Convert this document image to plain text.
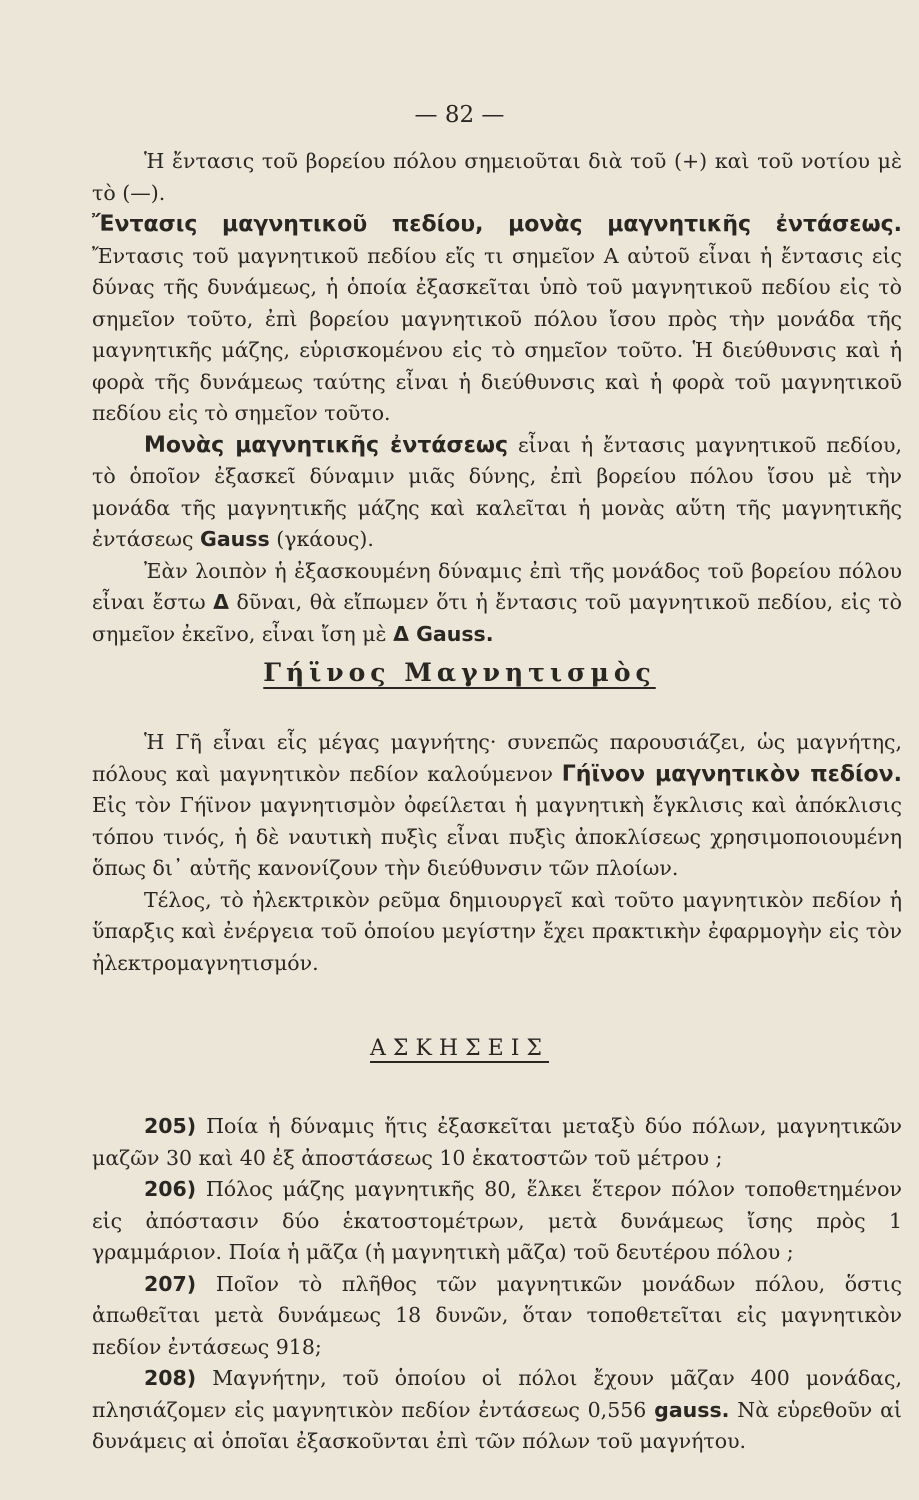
— 82 —

Ἡ ἔντασις τοῦ βορείου πόλου σημειοῦται διὰ τοῦ (+) καὶ τοῦ νοτίου μὲ τὸ (—).

Ἔντασις μαγνητικοῦ πεδίου, μονὰς μαγνητικῆς ἐντάσεως. Ἔντασις τοῦ μαγνητικοῦ πεδίου εἴς τι σημεῖον Α αὐτοῦ εἶναι ἡ ἔντασις εἰς δύνας τῆς δυνάμεως, ἡ ὁποία ἐξασκεῖται ὑπὸ τοῦ μαγνητικοῦ πεδίου εἰς τὸ σημεῖον τοῦτο, ἐπὶ βορείου μαγνητικοῦ πόλου ἴσου πρὸς τὴν μονάδα τῆς μαγνητικῆς μάζης, εὑρισκομένου εἰς τὸ σημεῖον τοῦτο. Ἡ διεύθυνσις καὶ ἡ φορὰ τῆς δυνάμεως ταύτης εἶναι ἡ διεύθυνσις καὶ ἡ φορὰ τοῦ μαγνητικοῦ πεδίου εἰς τὸ σημεῖον τοῦτο.

Μονὰς μαγνητικῆς ἐντάσεως εἶναι ἡ ἔντασις μαγνητικοῦ πεδίου, τὸ ὁποῖον ἐξασκεῖ δύναμιν μιᾶς δύνης, ἐπὶ βορείου πόλου ἴσου μὲ τὴν μονάδα τῆς μαγνητικῆς μάζης καὶ καλεῖται ἡ μονὰς αὕτη τῆς μαγνητικῆς ἐντάσεως Gauss (γκάους).

Ἐὰν λοιπὸν ἡ ἐξασκουμένη δύναμις ἐπὶ τῆς μονάδος τοῦ βορείου πόλου εἶναι ἔστω Δ δῦναι, θὰ εἴπωμεν ὅτι ἡ ἔντασις τοῦ μαγνητικοῦ πεδίου, εἰς τὸ σημεῖον ἐκεῖνο, εἶναι ἴση μὲ Δ Gauss.

Γήϊνος Μαγνητισμὸς

Ἡ Γῆ εἶναι εἷς μέγας μαγνήτης· συνεπῶς παρουσιάζει, ὡς μαγνήτης, πόλους καὶ μαγνητικὸν πεδίον καλούμενον Γήϊνον μαγνητικὸν πεδίον. Εἰς τὸν Γήϊνον μαγνητισμὸν ὀφείλεται ἡ μαγνητικὴ ἔγκλισις καὶ ἀπόκλισις τόπου τινός, ἡ δὲ ναυτικὴ πυξὶς εἶναι πυξὶς ἀποκλίσεως χρησιμοποιουμένη ὅπως δι᾿ αὐτῆς κανονίζουν τὴν διεύθυνσιν τῶν πλοίων.

Τέλος, τὸ ἠλεκτρικὸν ρεῦμα δημιουργεῖ καὶ τοῦτο μαγνητικὸν πεδίον ἡ ὕπαρξις καὶ ἐνέργεια τοῦ ὁποίου μεγίστην ἔχει πρακτικὴν ἐφαρμογὴν εἰς τὸν ἠλεκτρομαγνητισμόν.

ΑΣΚΗΣΕΙΣ

205) Ποία ἡ δύναμις ἥτις ἐξασκεῖται μεταξὺ δύο πόλων, μαγνητικῶν μαζῶν 30 καὶ 40 ἐξ ἀποστάσεως 10 ἑκατοστῶν τοῦ μέτρου ;

206) Πόλος μάζης μαγνητικῆς 80, ἕλκει ἕτερον πόλον τοποθετημένον εἰς ἀπόστασιν δύο ἑκατοστομέτρων, μετὰ δυνάμεως ἴσης πρὸς 1 γραμμάριον. Ποία ἡ μᾶζα (ἡ μαγνητικὴ μᾶζα) τοῦ δευτέρου πόλου ;

207) Ποῖον τὸ πλῆθος τῶν μαγνητικῶν μονάδων πόλου, ὅστις ἀπωθεῖται μετὰ δυνάμεως 18 δυνῶν, ὅταν τοποθετεῖται εἰς μαγνητικὸν πεδίον ἐντάσεως 918;

208) Μαγνήτην, τοῦ ὁποίου οἱ πόλοι ἔχουν μᾶζαν 400 μονάδας, πλησιάζομεν εἰς μαγνητικὸν πεδίον ἐντάσεως 0,556 gauss. Νὰ εὑρεθοῦν αἱ δυνάμεις αἱ ὁποῖαι ἐξασκοῦνται ἐπὶ τῶν πόλων τοῦ μαγνήτου.
